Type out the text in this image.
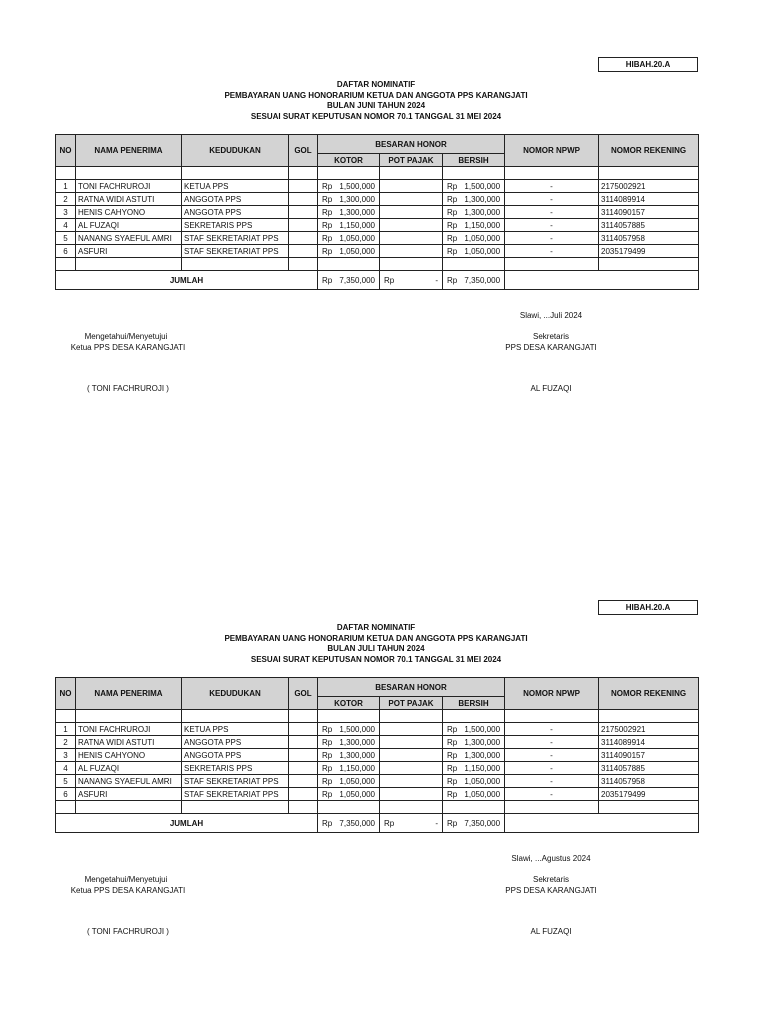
HIBAH.20.A
DAFTAR NOMINATIF
PEMBAYARAN UANG HONORARIUM KETUA DAN ANGGOTA PPS KARANGJATI
BULAN JUNI TAHUN 2024
SESUAI SURAT KEPUTUSAN NOMOR 70.1 TANGGAL 31 MEI 2024
NO	NAMA PENERIMA	KEDUDUKAN	GOL	BESARAN HONOR			NOMOR NPWP	NOMOR REKENING
				KOTOR	POT PAJAK	BERSIH		

1	TONI FACHRUROJI	KETUA PPS		Rp 1,500,000		Rp 1,500,000	-	2175002921
2	RATNA WIDI ASTUTI	ANGGOTA PPS		Rp 1,300,000		Rp 1,300,000	-	3114089914
3	HENIS CAHYONO	ANGGOTA PPS		Rp 1,300,000		Rp 1,300,000	-	3114090157
4	AL FUZAQI	SEKRETARIS PPS		Rp 1,150,000		Rp 1,150,000	-	3114057885
5	NANANG SYAEFUL AMRI	STAF SEKRETARIAT PPS		Rp 1,050,000		Rp 1,050,000	-	3114057958
6	ASFURI	STAF SEKRETARIAT PPS		Rp 1,050,000		Rp 1,050,000	-	2035179499

JUMLAH				Rp 7,350,000	Rp -	Rp 7,350,000		

Slawi, ...Juli 2024
Mengetahui/Menyetujui
Ketua PPS DESA KARANGJATI
( TONI FACHRUROJI )
Sekretaris
PPS DESA KARANGJATI
AL FUZAQI
HIBAH.20.A
DAFTAR NOMINATIF
PEMBAYARAN UANG HONORARIUM KETUA DAN ANGGOTA PPS KARANGJATI
BULAN JULI TAHUN 2024
SESUAI SURAT KEPUTUSAN NOMOR 70.1 TANGGAL 31 MEI 2024
NO	NAMA PENERIMA	KEDUDUKAN	GOL	BESARAN HONOR			NOMOR NPWP	NOMOR REKENING
				KOTOR	POT PAJAK	BERSIH		

1	TONI FACHRUROJI	KETUA PPS		Rp 1,500,000		Rp 1,500,000	-	2175002921
2	RATNA WIDI ASTUTI	ANGGOTA PPS		Rp 1,300,000		Rp 1,300,000	-	3114089914
3	HENIS CAHYONO	ANGGOTA PPS		Rp 1,300,000		Rp 1,300,000	-	3114090157
4	AL FUZAQI	SEKRETARIS PPS		Rp 1,150,000		Rp 1,150,000	-	3114057885
5	NANANG SYAEFUL AMRI	STAF SEKRETARIAT PPS		Rp 1,050,000		Rp 1,050,000	-	3114057958
6	ASFURI	STAF SEKRETARIAT PPS		Rp 1,050,000		Rp 1,050,000	-	2035179499

JUMLAH				Rp 7,350,000	Rp -	Rp 7,350,000		

Slawi, ...Agustus 2024
Mengetahui/Menyetujui
Ketua PPS DESA KARANGJATI
( TONI FACHRUROJI )
Sekretaris
PPS DESA KARANGJATI
AL FUZAQI
